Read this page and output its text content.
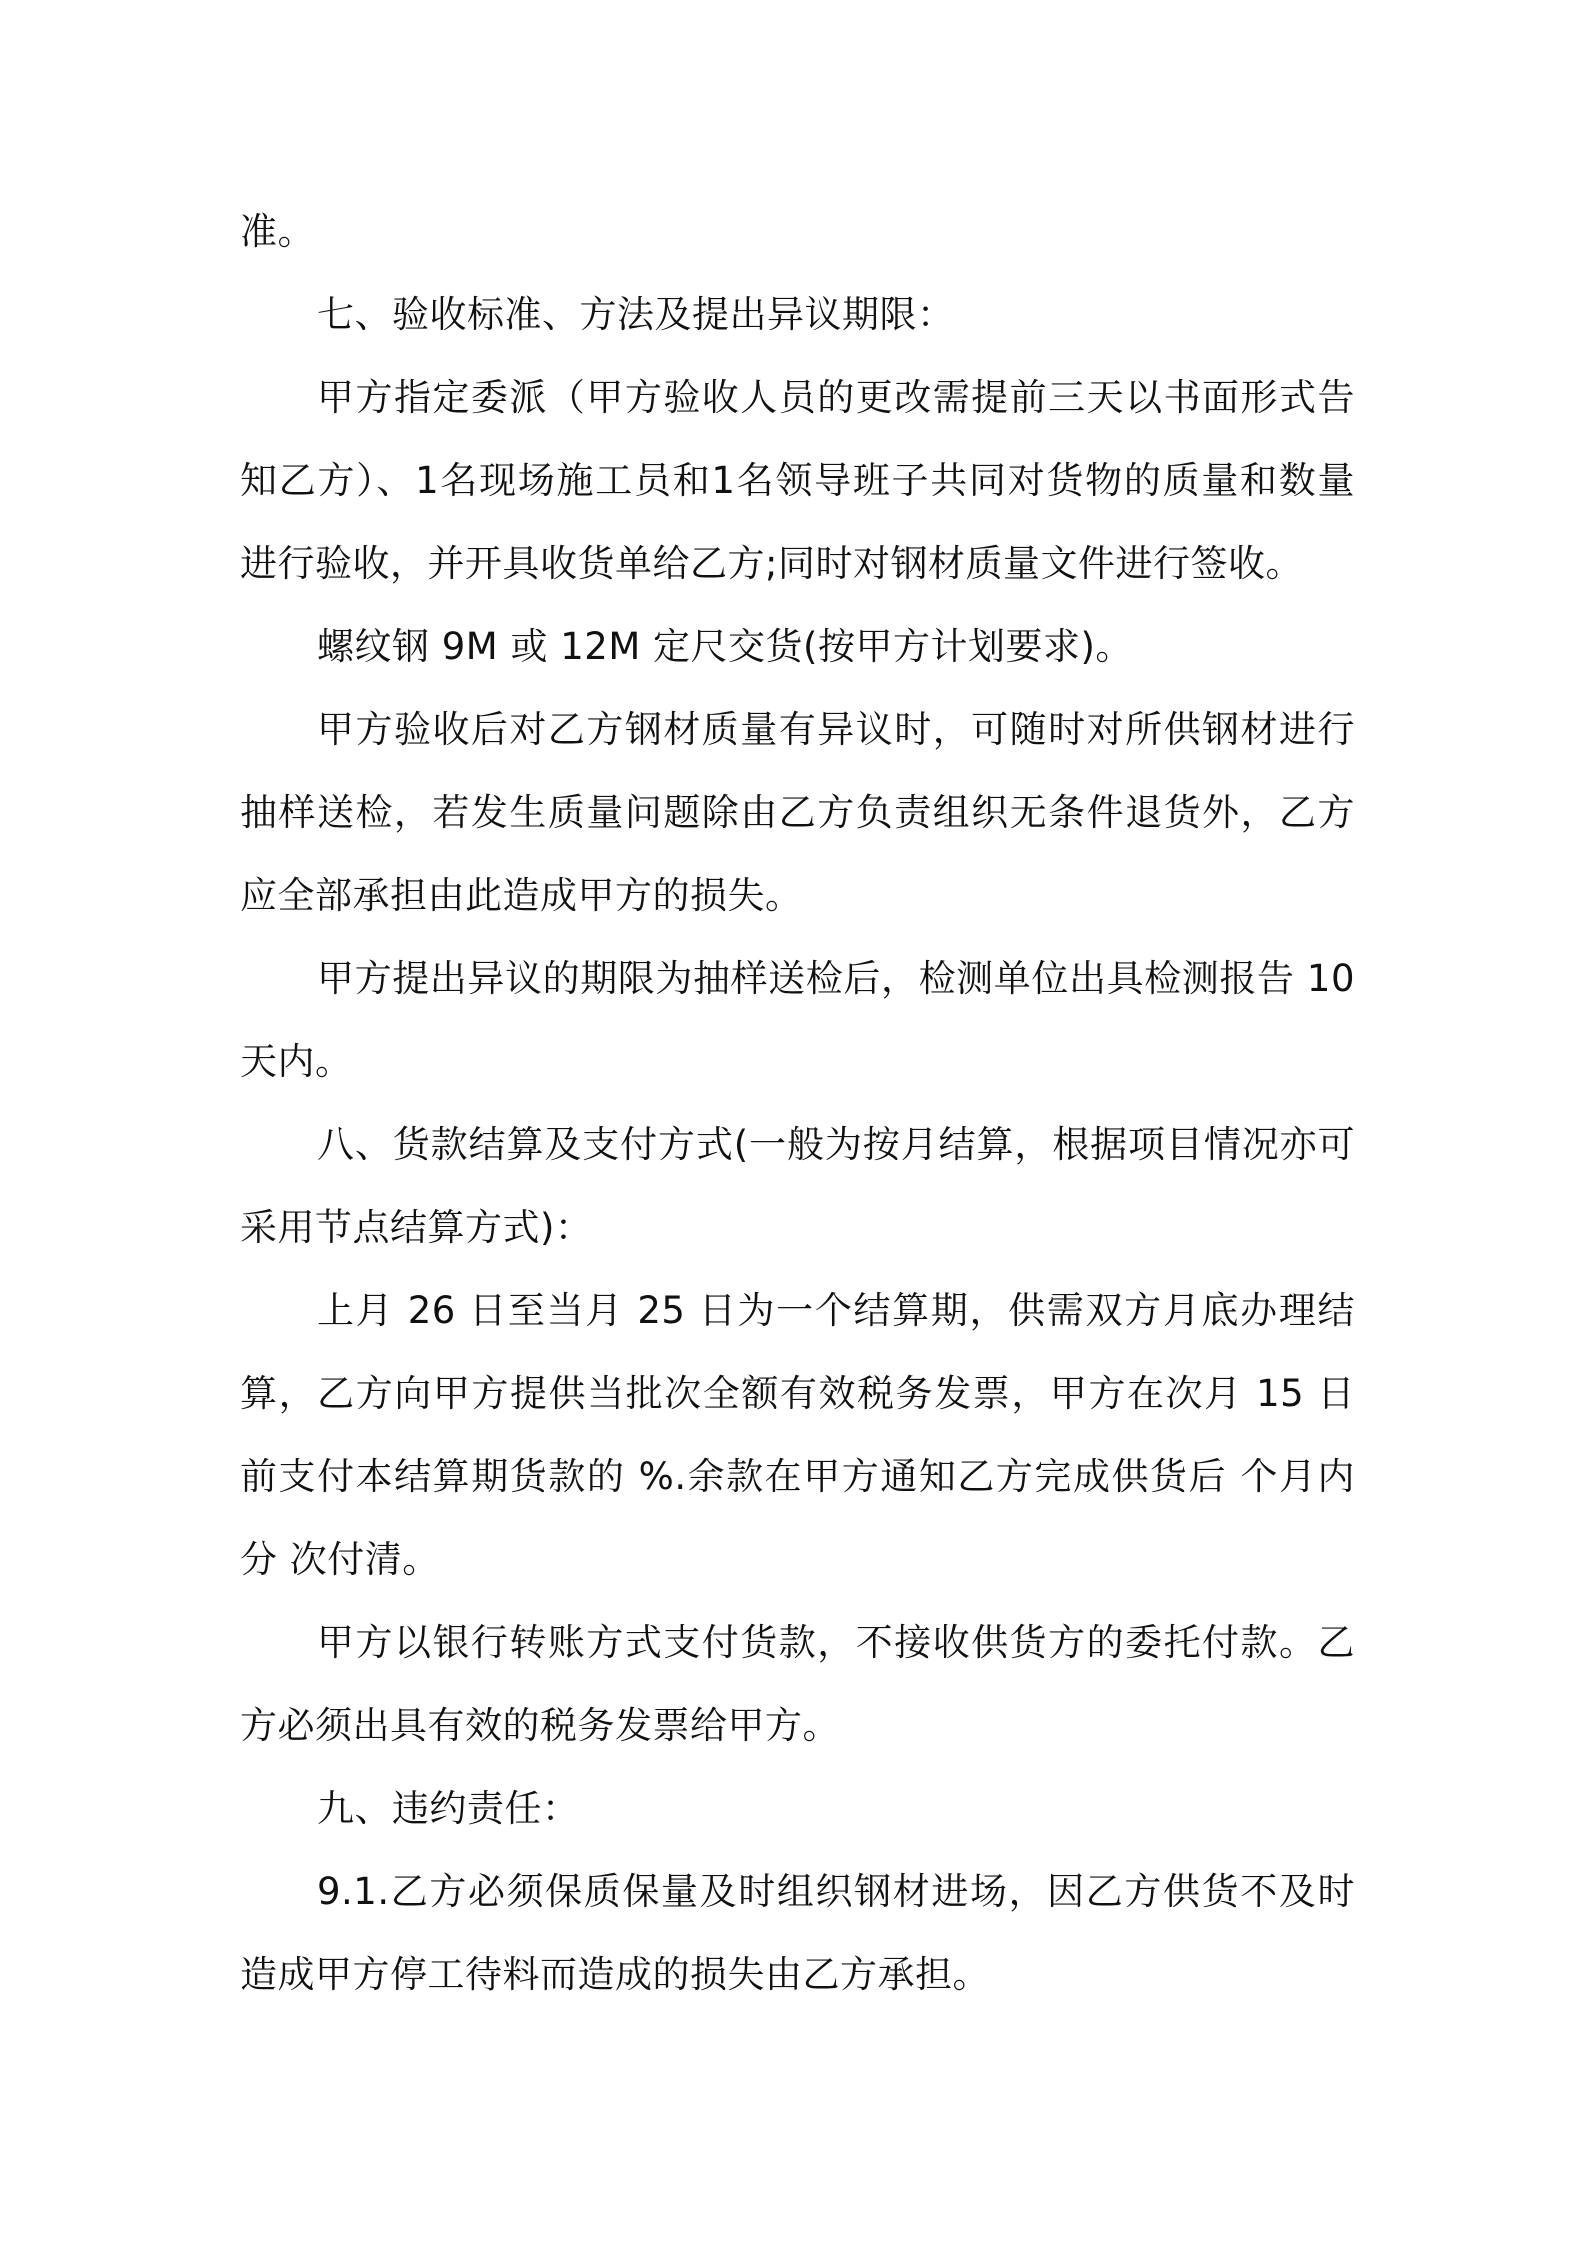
准。

七、验收标准、方法及提出异议期限：

甲方指定委派（甲方验收人员的更改需提前三天以书面形式告知乙方）、1名现场施工员和1名领导班子共同对货物的质量和数量进行验收，并开具收货单给乙方;同时对钢材质量文件进行签收。

螺纹钢 9M 或 12M 定尺交货(按甲方计划要求)。

甲方验收后对乙方钢材质量有异议时，可随时对所供钢材进行抽样送检，若发生质量问题除由乙方负责组织无条件退货外，乙方应全部承担由此造成甲方的损失。

甲方提出异议的期限为抽样送检后，检测单位出具检测报告 10 天内。

八、货款结算及支付方式(一般为按月结算，根据项目情况亦可采用节点结算方式)：

上月 26 日至当月 25 日为一个结算期，供需双方月底办理结算，乙方向甲方提供当批次全额有效税务发票，甲方在次月 15 日前支付本结算期货款的 %.余款在甲方通知乙方完成供货后 个月内分 次付清。

甲方以银行转账方式支付货款，不接收供货方的委托付款。乙方必须出具有效的税务发票给甲方。

九、违约责任：

9.1.乙方必须保质保量及时组织钢材进场，因乙方供货不及时造成甲方停工待料而造成的损失由乙方承担。
